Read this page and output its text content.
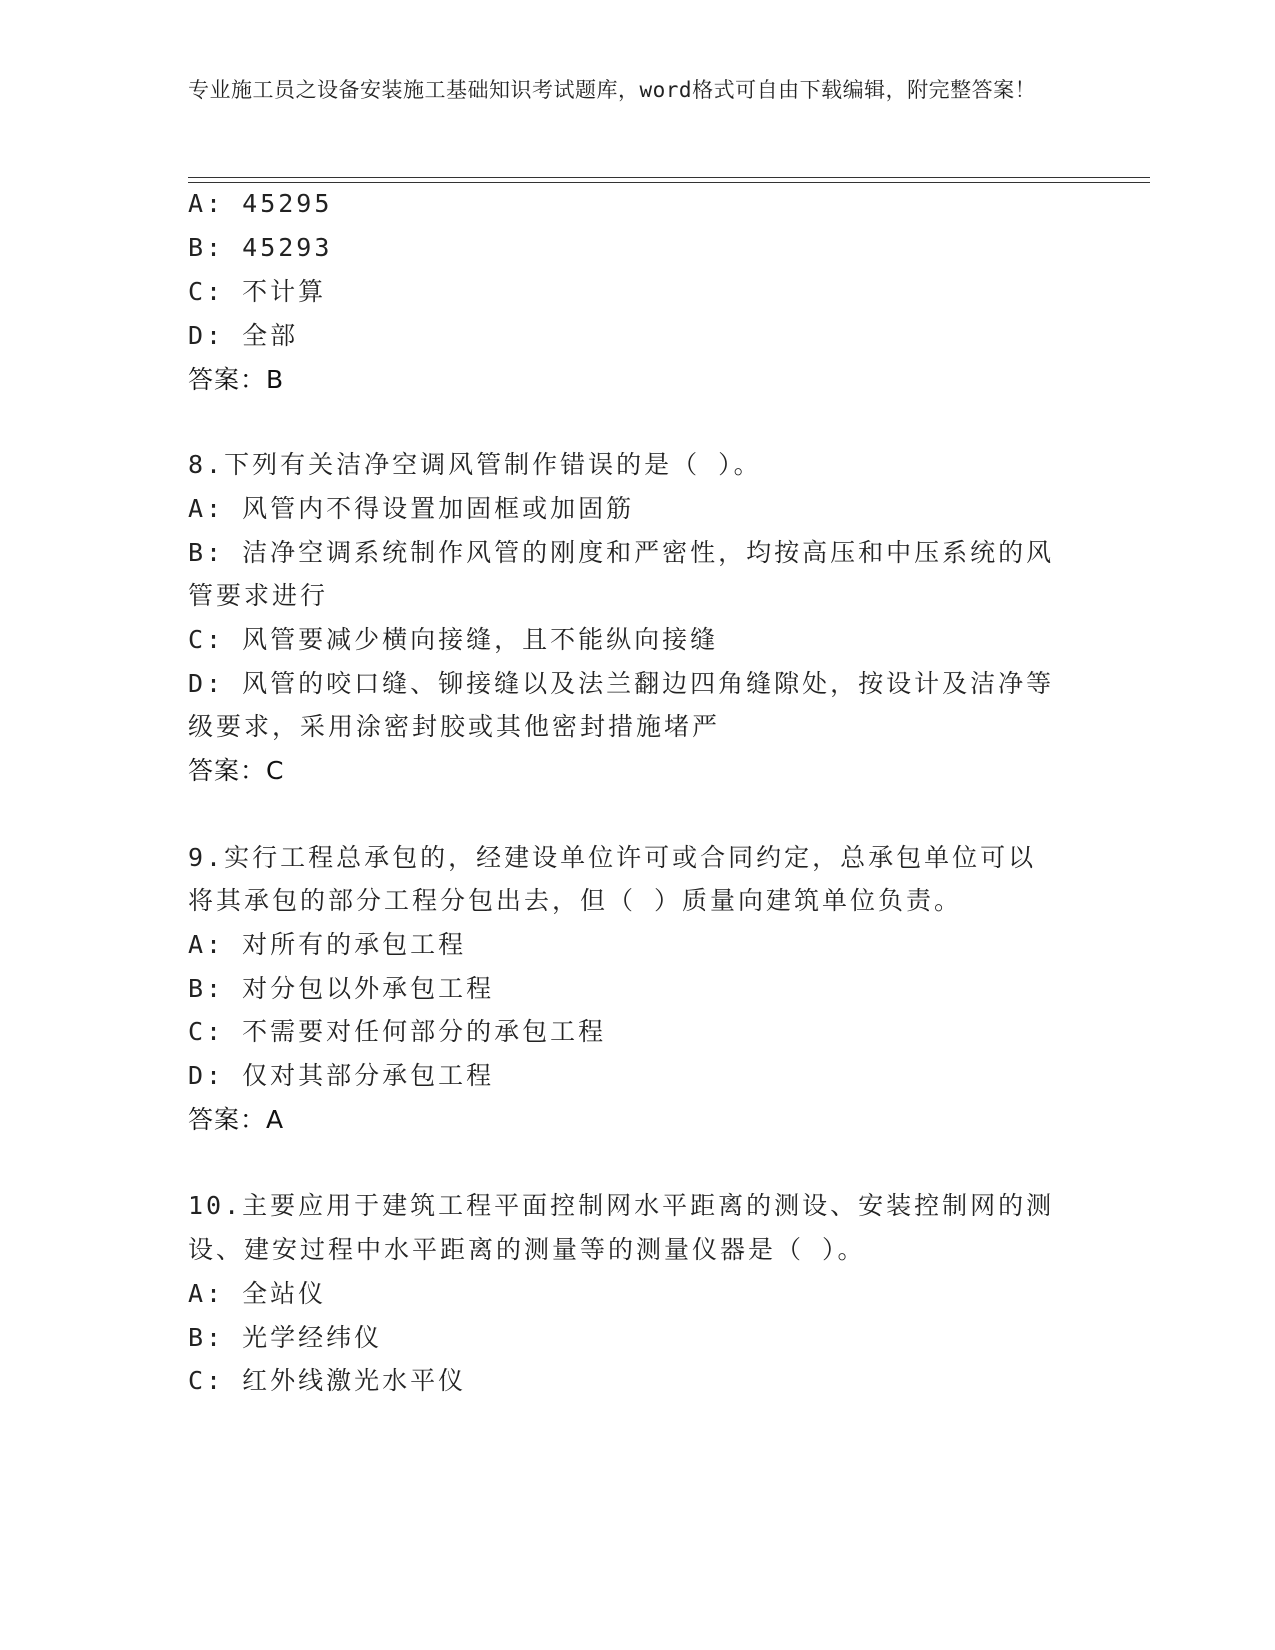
专业施工员之设备安装施工基础知识考试题库，word格式可自由下载编辑，附完整答案！
A: 45295
B: 45293
C: 不计算
D: 全部
答案：B
8.下列有关洁净空调风管制作错误的是（ ）。
A: 风管内不得设置加固框或加固筋
B: 洁净空调系统制作风管的刚度和严密性，均按高压和中压系统的风
管要求进行
C: 风管要减少横向接缝，且不能纵向接缝
D: 风管的咬口缝、铆接缝以及法兰翻边四角缝隙处，按设计及洁净等
级要求，采用涂密封胶或其他密封措施堵严
答案：C
9.实行工程总承包的，经建设单位许可或合同约定，总承包单位可以
将其承包的部分工程分包出去，但（ ）质量向建筑单位负责。
A: 对所有的承包工程
B: 对分包以外承包工程
C: 不需要对任何部分的承包工程
D: 仅对其部分承包工程
答案：A
10.主要应用于建筑工程平面控制网水平距离的测设、安装控制网的测
设、建安过程中水平距离的测量等的测量仪器是（ ）。
A: 全站仪
B: 光学经纬仪
C: 红外线激光水平仪
